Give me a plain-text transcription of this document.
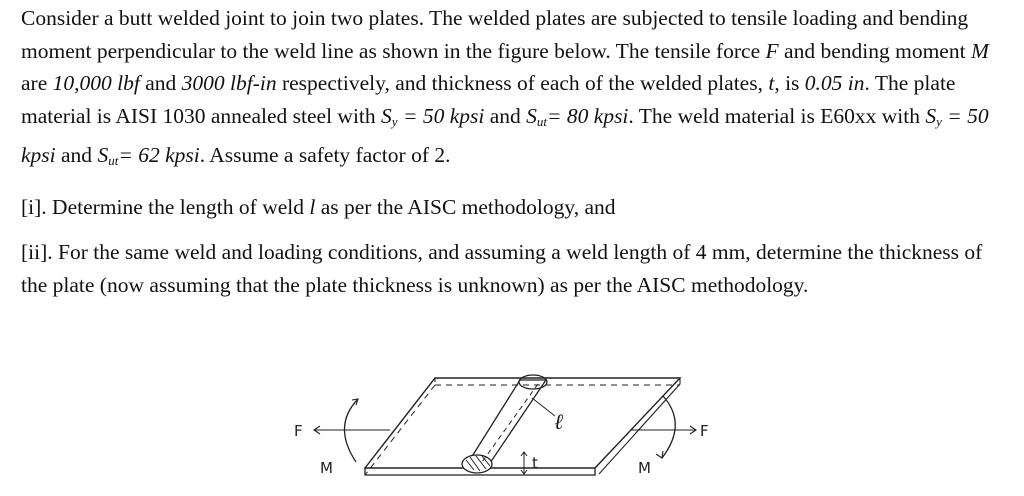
Consider a butt welded joint to join two plates. The welded plates are subjected to tensile loading and bending moment perpendicular to the weld line as shown in the figure below. The tensile force F and bending moment M are 10,000 lbf and 3000 lbf-in respectively, and thickness of each of the welded plates, t, is 0.05 in. The plate material is AISI 1030 annealed steel with $S_y = 50$ kpsi and $S_{ut}= 80$ kpsi. The weld material is E60xx with $S_y = 50$ kpsi and $S_{ut}= 62$ kpsi. Assume a safety factor of 2.

[i]. Determine the length of weld l as per the AISC methodology, and

[ii]. For the same weld and loading conditions, and assuming a weld length of 4 mm, determine the thickness of the plate (now assuming that the plate thickness is unknown) as per the AISC methodology.

ℓ
t
F
M
F
M
